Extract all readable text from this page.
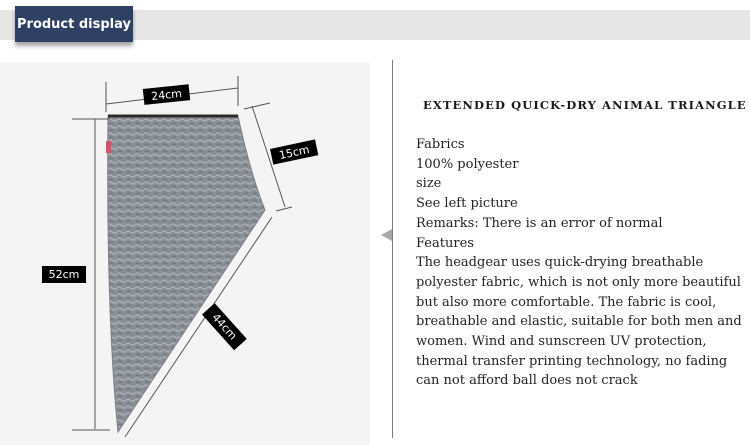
Product display
24cm
15cm
52cm
44cm
EXTENDED QUICK-DRY ANIMAL TRIANGLE

Fabrics

100% polyester

size

See left picture

Remarks: There is an error of normal

Features

The headgear uses quick-drying breathable polyester fabric, which is not only more beautiful but also more comfortable. The fabric is cool, breathable and elastic, suitable for both men and women. Wind and sunscreen UV protection, thermal transfer printing technology, no fading can not afford ball does not crack
